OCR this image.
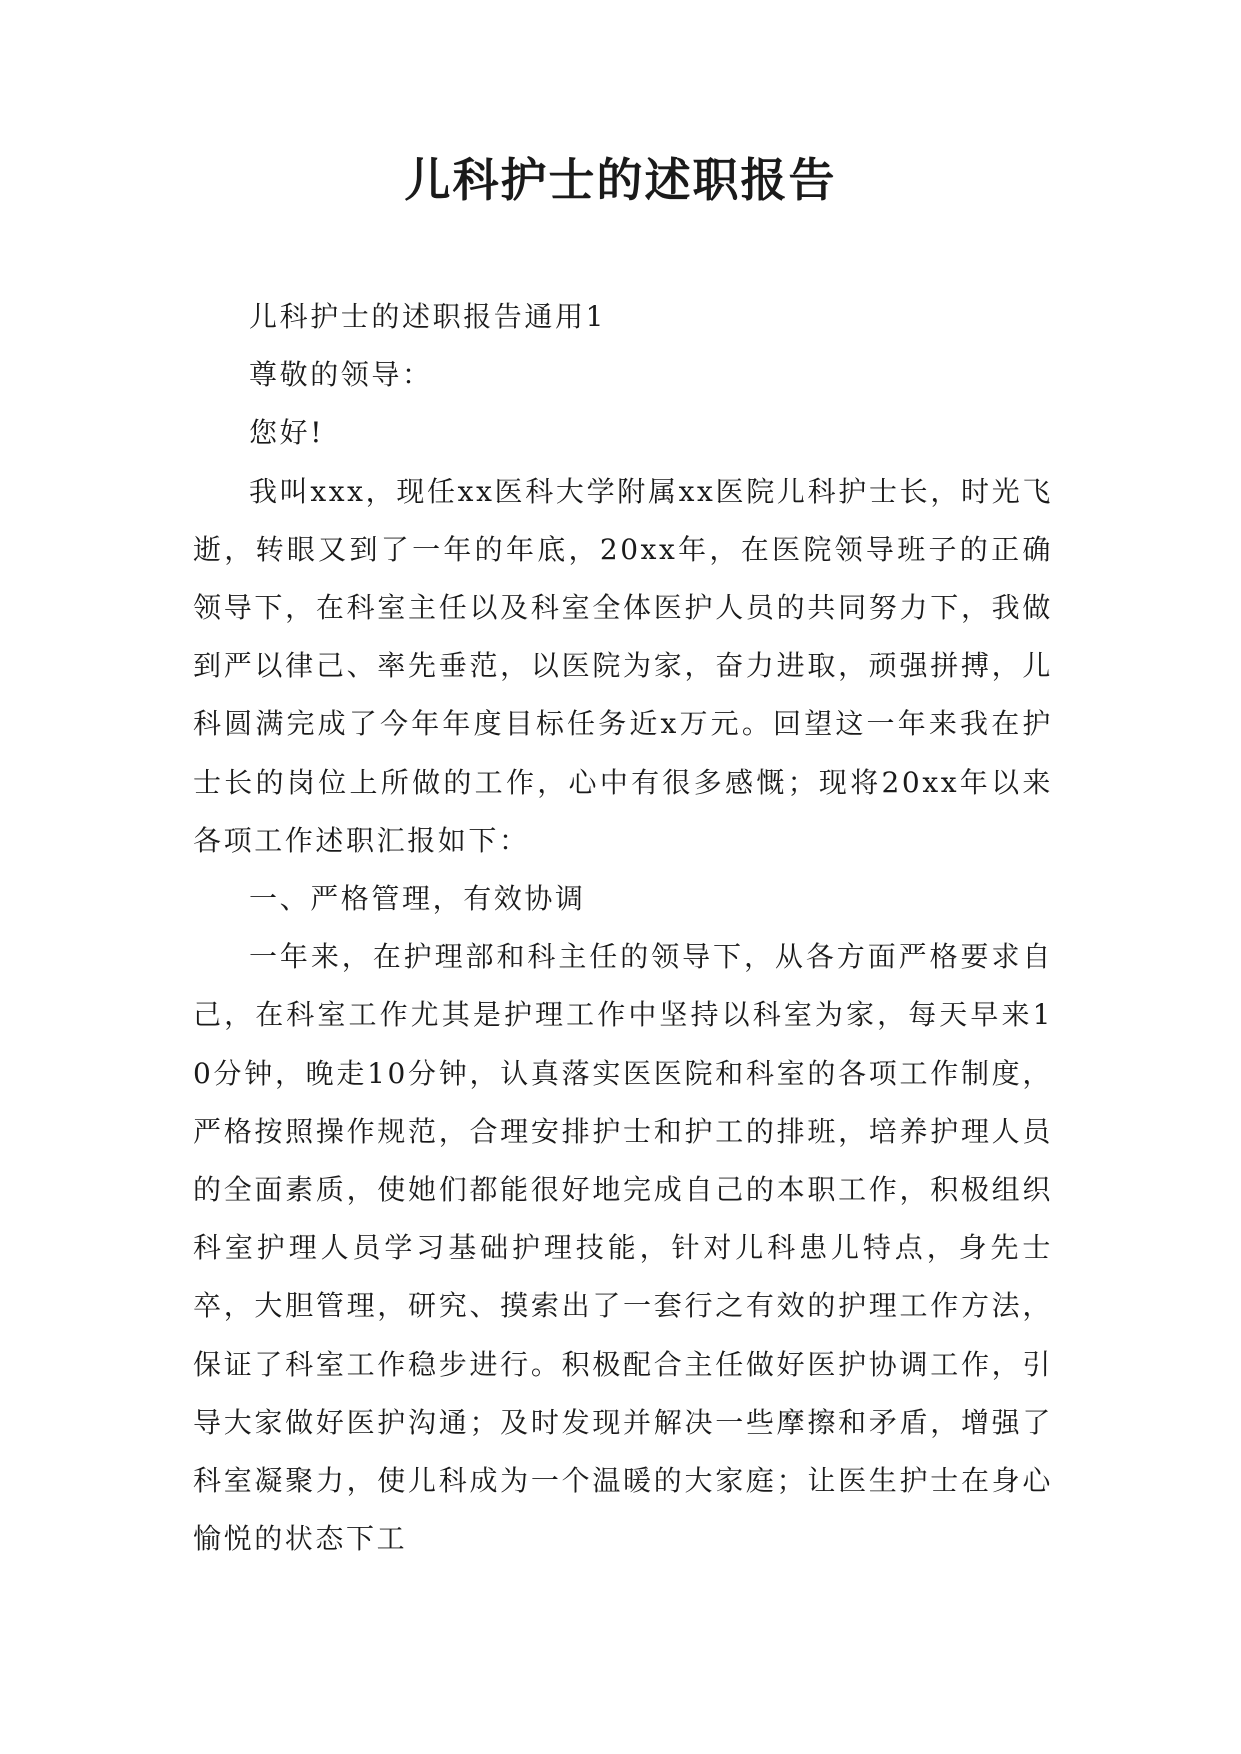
儿科护士的述职报告

儿科护士的述职报告通用1

尊敬的领导：

您好!

我叫xxx，现任xx医科大学附属xx医院儿科护士长，时光飞逝，转眼又到了一年的年底，20xx年，在医院领导班子的正确领导下，在科室主任以及科室全体医护人员的共同努力下，我做到严以律己、率先垂范，以医院为家，奋力进取，顽强拼搏，儿科圆满完成了今年年度目标任务近x万元。回望这一年来我在护士长的岗位上所做的工作，心中有很多感慨；现将20xx年以来各项工作述职汇报如下：

一、严格管理，有效协调

一年来，在护理部和科主任的领导下，从各方面严格要求自己，在科室工作尤其是护理工作中坚持以科室为家，每天早来10分钟，晚走10分钟，认真落实医医院和科室的各项工作制度，严格按照操作规范，合理安排护士和护工的排班，培养护理人员的全面素质，使她们都能很好地完成自己的本职工作，积极组织科室护理人员学习基础护理技能，针对儿科患儿特点，身先士卒，大胆管理，研究、摸索出了一套行之有效的护理工作方法，保证了科室工作稳步进行。积极配合主任做好医护协调工作，引导大家做好医护沟通；及时发现并解决一些摩擦和矛盾，增强了科室凝聚力，使儿科成为一个温暖的大家庭；让医生护士在身心愉悦的状态下工
